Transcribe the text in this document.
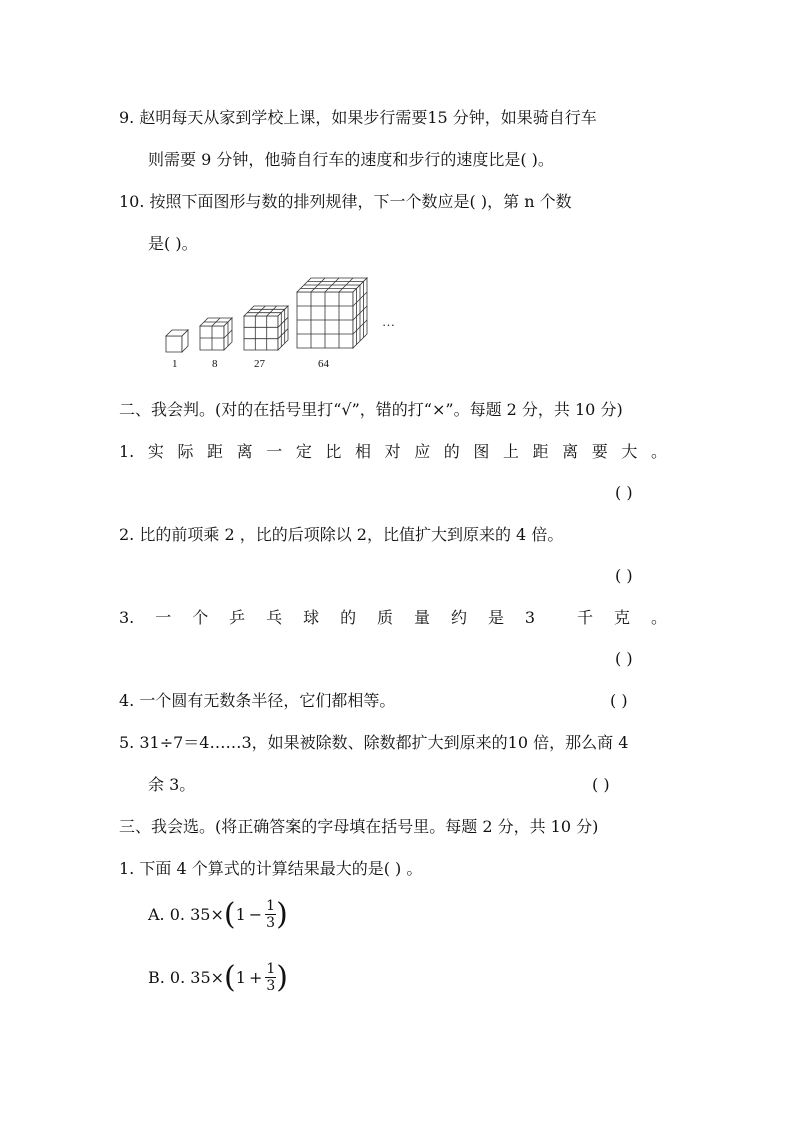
9. 赵明每天从家到学校上课，如果步行需要15 分钟，如果骑自行车
则需要 9 分钟，他骑自行车的速度和步行的速度比是( )。
10. 按照下面图形与数的排列规律，下一个数应是( )，第 n 个数
是( )。
1	8	27	64
…
二、我会判。(对的在括号里打“√”，错的打“×”。每题 2 分，共 10 分)
1. 实 际 距 离 一 定 比 相 对 应 的 图 上 距 离 要 大 。
( )
2. 比的前项乘 2 ，比的后项除以 2，比值扩大到原来的 4 倍。
( )
3. 一 个 乒 乓 球 的 质 量 约 是 3	千 克 。
( )
4. 一个圆有无数条半径，它们都相等。	( )
5. 31÷7＝4……3，如果被除数、除数都扩大到原来的10 倍，那么商 4
余 3。	( )
三、我会选。(将正确答案的字母填在括号里。每题 2 分，共 10 分)
1. 下面 4 个算式的计算结果最大的是( ) 。
A. 0. 35× ( $1 - \frac{1}{3}$ )
B. 0. 35× ( $1 + \frac{1}{3}$ )
